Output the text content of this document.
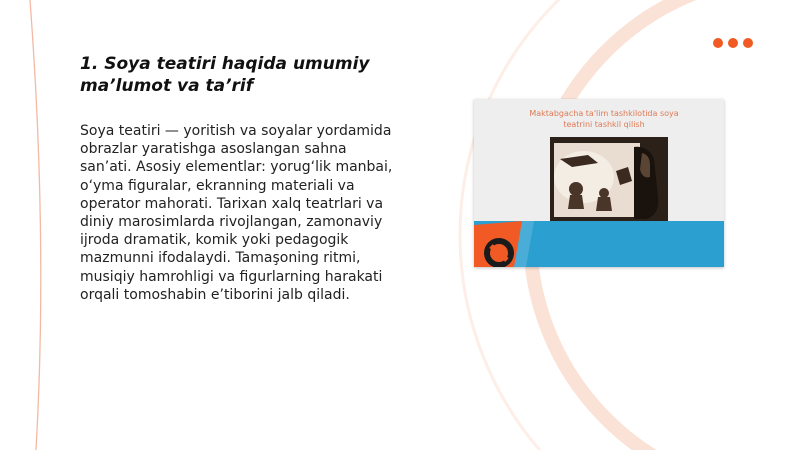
1. Soya teatiri haqida umumiy
ma’lumot va ta’rif
Soya teatiri — yoritish va soyalar yordamida
obrazlar yaratishga asoslangan sahna
san’ati. Asosiy elementlar: yorug‘lik manbai,
o‘yma figuralar, ekranning materiali va
operator mahorati. Tarixan xalq teatrlari va
diniy marosimlarda rivojlangan, zamonaviy
ijroda dramatik, komik yoki pedagogik
mazmunni ifodalaydi. Tamaşoning ritmi,
musiqiy hamrohligi va figurlarning harakati
orqali tomoshabin e’tiborini jalb qiladi.
Maktabgacha ta'lim tashkilotida soya
teatrini tashkil qilish
